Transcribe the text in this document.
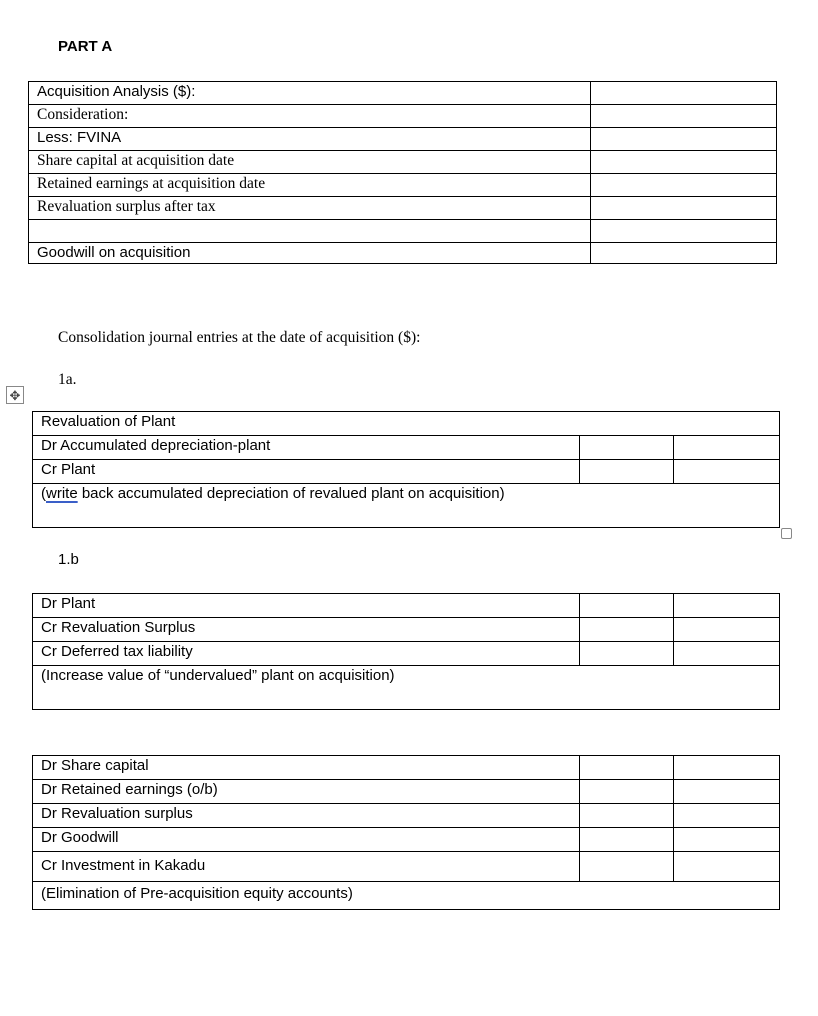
PART A
Acquisition Analysis ($):	
Consideration:	
Less: FVINA	
Share capital at acquisition date	
Retained earnings at acquisition date	
Revaluation surplus after tax	

Goodwill on acquisition	
Consolidation journal entries at the date of acquisition ($):
1a.
✥
Revaluation of Plant		
Dr Accumulated depreciation-plant		
Cr Plant		
(write back accumulated depreciation of revalued plant on acquisition)		
1.b
Dr Plant		
Cr Revaluation Surplus		
Cr Deferred tax liability		
(Increase value of “undervalued” plant on acquisition)		
Dr Share capital		
Dr Retained earnings (o/b)		
Dr Revaluation surplus		
Dr Goodwill		
Cr Investment in Kakadu		
(Elimination of Pre-acquisition equity accounts)		
